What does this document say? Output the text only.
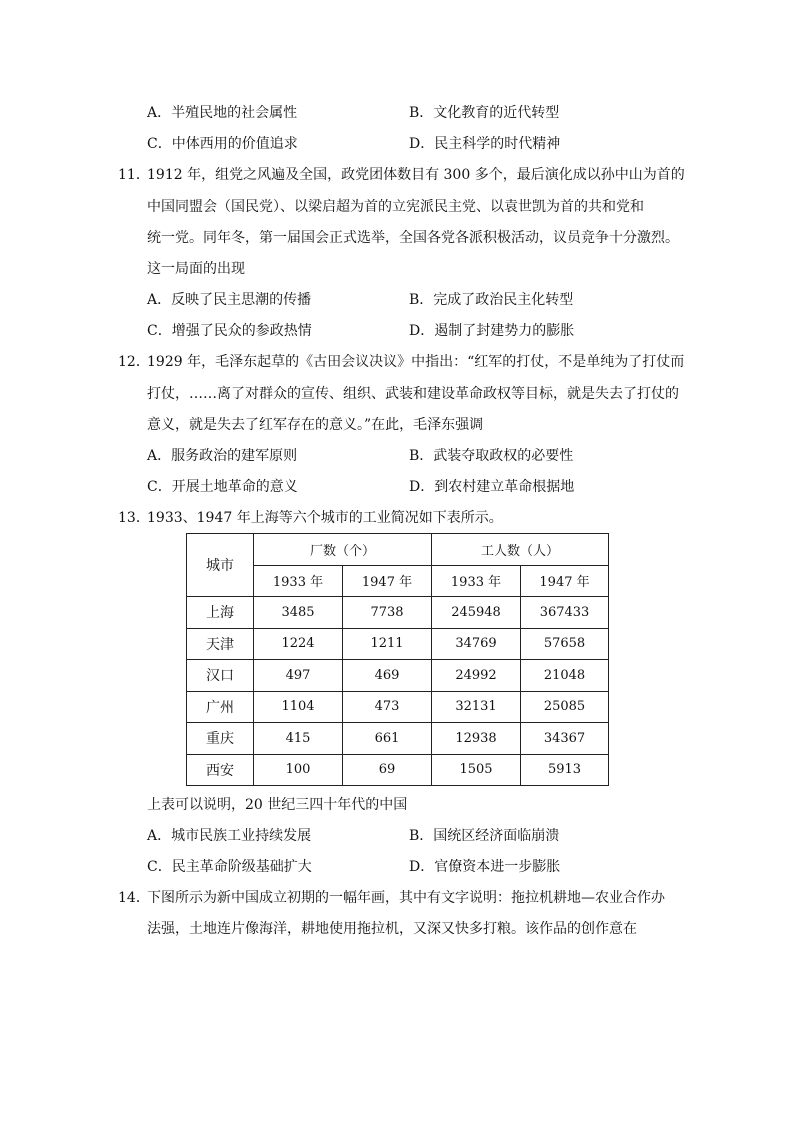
A．半殖民地的社会属性	B．文化教育的近代转型
C．中体西用的价值追求	D．民主科学的时代精神
11．
1912 年，组党之风遍及全国，政党团体数目有 300 多个，最后演化成以孙中山为首的
中国同盟会（国民党）、以梁启超为首的立宪派民主党、以袁世凯为首的共和党和
统一党。同年冬，第一届国会正式选举，全国各党各派积极活动，议员竞争十分激烈。
这一局面的出现
A．反映了民主思潮的传播	B．完成了政治民主化转型
C．增强了民众的参政热情	D．遏制了封建势力的膨胀
12．
1929 年，毛泽东起草的《古田会议决议》中指出：“红军的打仗，不是单纯为了打仗而
打仗，……离了对群众的宣传、组织、武装和建设革命政权等目标，就是失去了打仗的
意义，就是失去了红军存在的意义。”在此，毛泽东强调
A．服务政治的建军原则	B．武装夺取政权的必要性
C．开展土地革命的意义	D．到农村建立革命根据地
13．
1933、1947 年上海等六个城市的工业简况如下表所示。
城市	厂数（个）		工人数（人）	
	1933 年	1947 年	1933 年	1947 年
上海	3485	7738	245948	367433
天津	1224	1211	34769	57658
汉口	497	469	24992	21048
广州	1104	473	32131	25085
重庆	415	661	12938	34367
西安	100	69	1505	5913
上表可以说明，20 世纪三四十年代的中国
A．城市民族工业持续发展	B．国统区经济面临崩溃
C．民主革命阶级基础扩大	D．官僚资本进一步膨胀
14．
下图所示为新中国成立初期的一幅年画，其中有文字说明：拖拉机耕地—农业合作办
法强，土地连片像海洋，耕地使用拖拉机，又深又快多打粮。该作品的创作意在
